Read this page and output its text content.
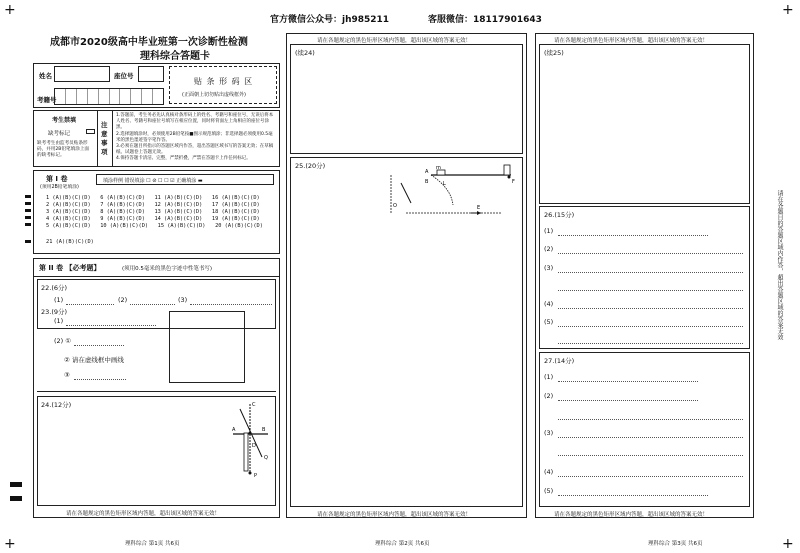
官方微信公众号：jh985211	客服微信：18117901643
+	+
+	+
成都市2020级高中毕业班第一次诊断性检测
理科综合答题卡
姓名	座位号
考籍号
贴 条 形 码 区
(正面朝上切勿贴出虚线框外)
考生禁填
缺考标记
缺考考生由监考员贴条形码，并用2B铅笔填涂上面的缺考标记。
注意事项
1.答题前，考生务必先认真核对条形码上的姓名、考籍号和座位号，无误后将本人姓名、考籍号和座位号填写在相应位置，同时将背面左上角相应的座位号涂黑。
2.选择题填涂时，必须使用2B铅笔按■图示规范填涂；非选择题必须使用0.5毫米的黑色墨迹签字笔作答。
3.必须在题目所指示的答题区域内作答，超出答题区域书写的答案无效；在草稿纸、试题卷上答题无效。
4.保持答题卡清洁、完整，严禁折叠，严禁在答题卡上作任何标记。
第 I 卷
(须用2B铅笔填涂)
填涂样例 错误填涂 ☐ ⊘ ☐ ☐ ☑ 正确填涂 ▬
1 (A)(B)(C)(D) 6 (A)(B)(C)(D) 11 (A)(B)(C)(D) 16 (A)(B)(C)(D)
2 (A)(B)(C)(D) 7 (A)(B)(C)(D) 12 (A)(B)(C)(D) 17 (A)(B)(C)(D)
3 (A)(B)(C)(D) 8 (A)(B)(C)(D) 13 (A)(B)(C)(D) 18 (A)(B)(C)(D)
4 (A)(B)(C)(D) 9 (A)(B)(C)(D) 14 (A)(B)(C)(D) 19 (A)(B)(C)(D)
5 (A)(B)(C)(D) 10 (A)(B)(C)(D) 15 (A)(B)(C)(D) 20 (A)(B)(C)(D)
21 (A)(B)(C)(D)
第 II 卷 【必考题】	(须用0.5毫米的黑色字迹中性笔书写)
22.(6分)
(1)	(2)	(3)
23.(9分)
(1)
(2) ①
② 请在虚线框中画线
③
24.(12分)	C
A	B
D
P
Q
请在各题规定的黑色矩形区域内答题，超出该区域的答案无效！
理科综合 第1页 共6页
请在各题规定的黑色矩形区域内答题，超出该区域的答案无效！
(续24)
25.(20分)	m
A
B
E
F
O
L
请在各题规定的黑色矩形区域内答题，超出该区域的答案无效！
理科综合 第2页 共6页
请在各题规定的黑色矩形区域内答题，超出该区域的答案无效！
(续25)
26.(15分)
(1)
(2)
(3)
(4)
(5)
27.(14分)
(1)
(2)
(3)
(4)
(5)
请在各题规定的黑色矩形区域内答题，超出该区域的答案无效！
理科综合 第3页 共6页
请在各题目的答题区域内作答，超出答题区域的答案无效
